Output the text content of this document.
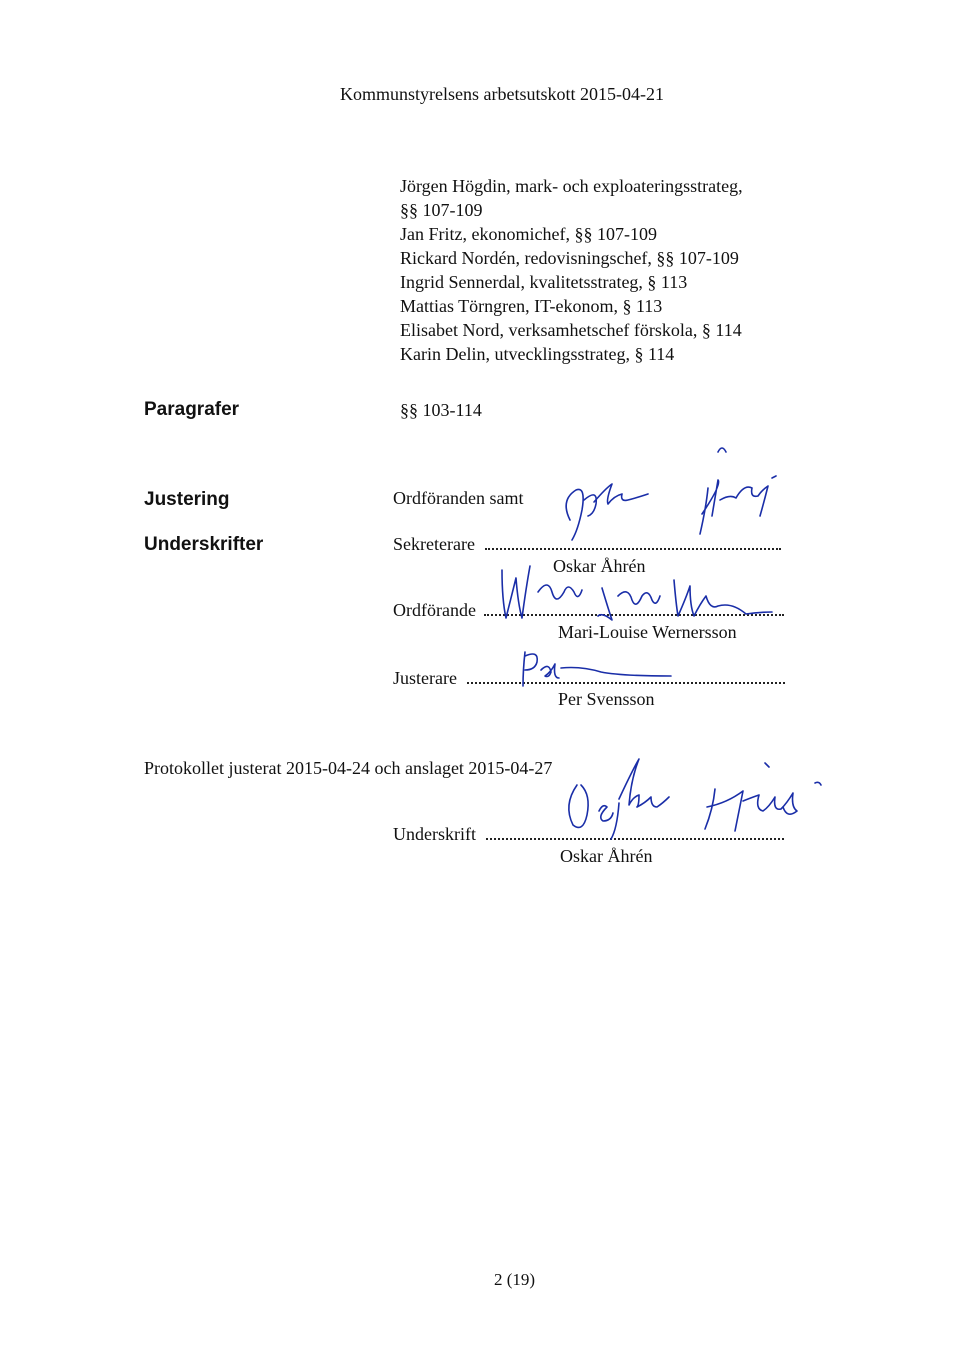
Kommunstyrelsens arbetsutskott 2015-04-21
Jörgen Högdin, mark- och exploateringsstrateg,
§§ 107-109
Jan Fritz, ekonomichef, §§ 107-109
Rickard Nordén, redovisningschef, §§ 107-109
Ingrid Sennerdal, kvalitetsstrateg, § 113
Mattias Törngren, IT-ekonom, § 113
Elisabet Nord, verksamhetschef förskola, § 114
Karin Delin, utvecklingsstrateg, § 114
Paragrafer	§§ 103-114
Justering
Underskrifter
Ordföranden samt
Sekreterare
Oskar Åhrén
Ordförande
Mari-Louise Wernersson
Justerare
Per Svensson
Protokollet justerat 2015-04-24 och anslaget 2015-04-27
Underskrift
Oskar Åhrén
2 (19)
